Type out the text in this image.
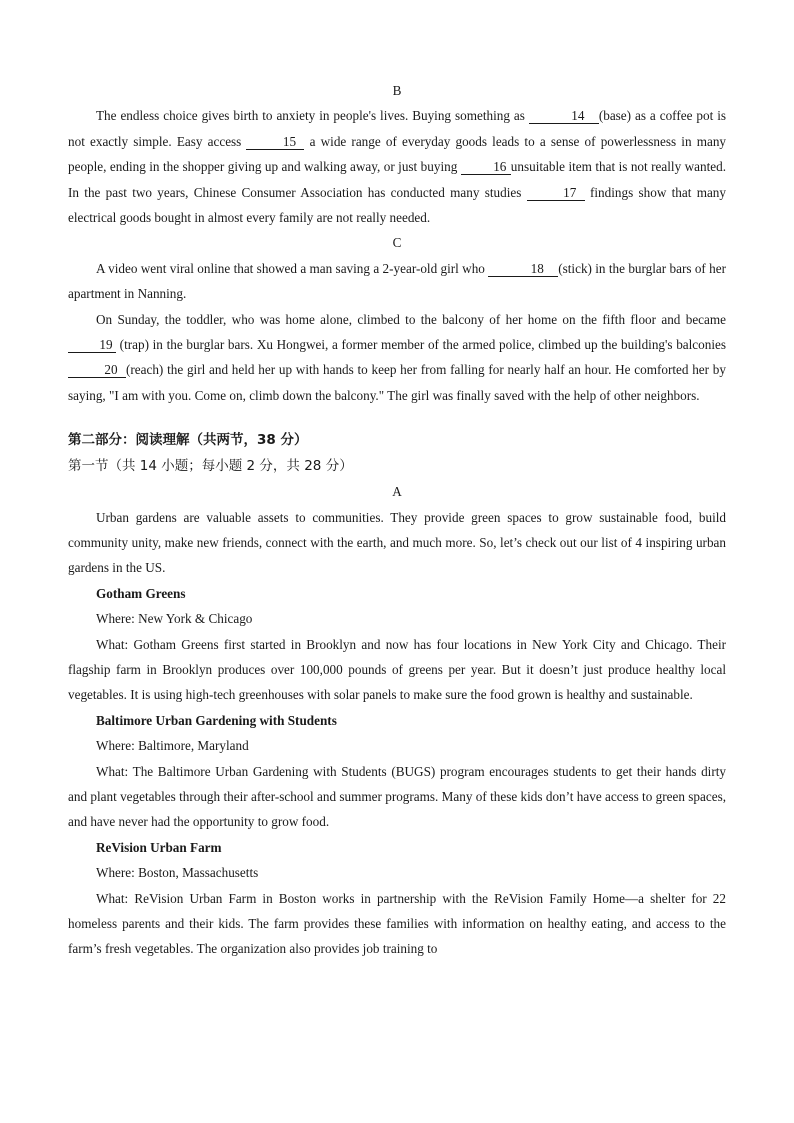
B

The endless choice gives birth to anxiety in people's lives. Buying something as	14 (base) as a coffee pot is not exactly simple. Easy access	15 a wide range of everyday goods leads to a sense of powerlessness in many people, ending in the shopper giving up and walking away, or just buying 16 unsuitable item that is not really wanted. In the past two years, Chinese Consumer Association has conducted many studies	17 findings show that many electrical goods bought in almost every family are not really needed.

C

A video went viral online that showed a man saving a 2-year-old girl who	18 (stick) in the burglar bars of her apartment in Nanning.

On Sunday, the toddler, who was home alone, climbed to the balcony of her home on the fifth floor and became19 (trap) in the burglar bars. Xu Hongwei, a former member of the armed police, climbed up the building's balconies 20 (reach) the girl and held her up with hands to keep her from falling for nearly half an hour. He comforted her by saying, "I am with you. Come on, climb down the balcony." The girl was finally saved with the help of other neighbors.

第二部分：阅读理解（共两节，38 分）

第一节（共 14 小题；每小题 2 分，共 28 分）

A

Urban gardens are valuable assets to communities. They provide green spaces to grow sustainable food, build community unity, make new friends, connect with the earth, and much more. So, let’s check out our list of 4 inspiring urban gardens in the US.

Gotham Greens

Where: New York & Chicago

What: Gotham Greens first started in Brooklyn and now has four locations in New York City and Chicago. Their flagship farm in Brooklyn produces over 100,000 pounds of greens per year. But it doesn’t just produce healthy local vegetables. It is using high-tech greenhouses with solar panels to make sure the food grown is healthy and sustainable.

Baltimore Urban Gardening with Students

Where: Baltimore, Maryland

What: The Baltimore Urban Gardening with Students (BUGS) program encourages students to get their hands dirty and plant vegetables through their after-school and summer programs. Many of these kids don’t have access to green spaces, and have never had the opportunity to grow food.

ReVision Urban Farm

Where: Boston, Massachusetts

What: ReVision Urban Farm in Boston works in partnership with the ReVision Family Home—a shelter for 22 homeless parents and their kids. The farm provides these families with information on healthy eating, and access to the farm’s fresh vegetables. The organization also provides job training to
